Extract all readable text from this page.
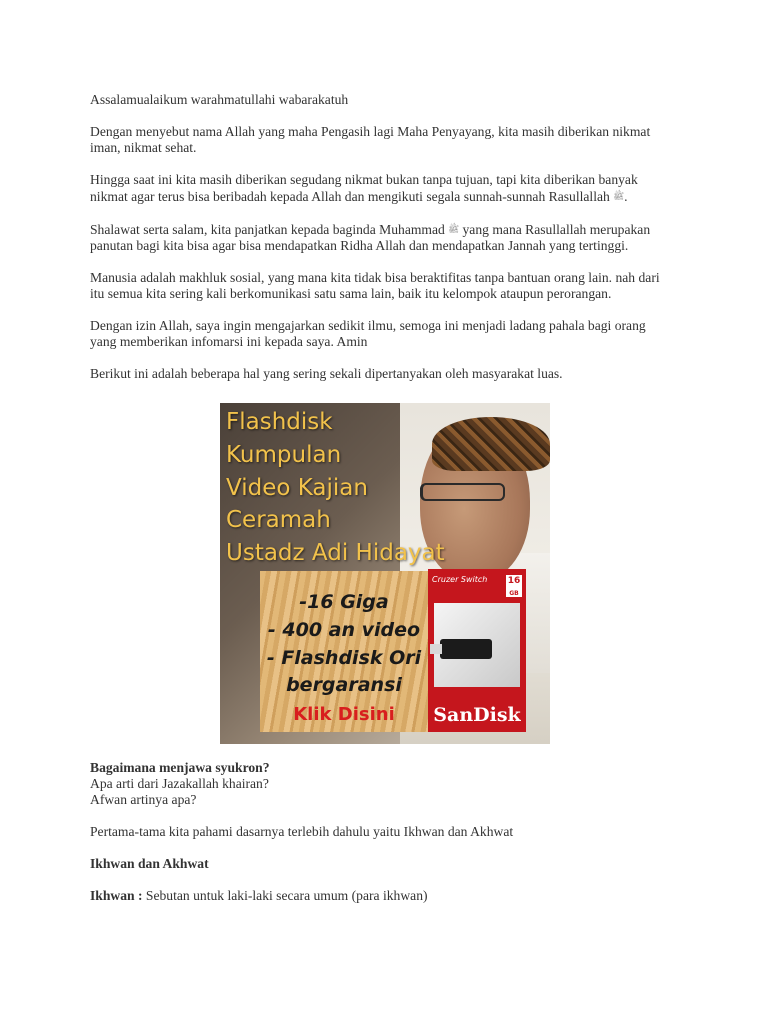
Assalamualaikum warahmatullahi wabarakatuh

Dengan menyebut nama Allah yang maha Pengasih lagi Maha Penyayang, kita masih diberikan nikmat
iman, nikmat sehat.

Hingga saat ini kita masih diberikan segudang nikmat bukan tanpa tujuan, tapi kita diberikan banyak
nikmat agar terus bisa beribadah kepada Allah dan mengikuti segala sunnah-sunnah Rasullallah ﷺ.

Shalawat serta salam, kita panjatkan kepada baginda Muhammad ﷺ yang mana Rasullallah merupakan
panutan bagi kita bisa agar bisa mendapatkan Ridha Allah dan mendapatkan Jannah yang tertinggi.

Manusia adalah makhluk sosial, yang mana kita tidak bisa beraktifitas tanpa bantuan orang lain. nah dari
itu semua kita sering kali berkomunikasi satu sama lain, baik itu kelompok ataupun perorangan.

Dengan izin Allah, saya ingin mengajarkan sedikit ilmu, semoga ini menjadi ladang pahala bagi orang
yang memberikan infomarsi ini kepada saya. Amin

Berikut ini adalah beberapa hal yang sering sekali dipertanyakan oleh masyarakat luas.

Flashdisk
Kumpulan
Video Kajian
Ceramah
Ustadz Adi Hidayat
-16 Giga
- 400 an video
- Flashdisk Ori
bergaransi
Klik Disini
Cruzer Switch 16
GB
SanDisk

Bagaimana menjawa syukron?
Apa arti dari Jazakallah khairan?
Afwan artinya apa?

Pertama-tama kita pahami dasarnya terlebih dahulu yaitu Ikhwan dan Akhwat

Ikhwan dan Akhwat

Ikhwan : Sebutan untuk laki-laki secara umum (para ikhwan)
